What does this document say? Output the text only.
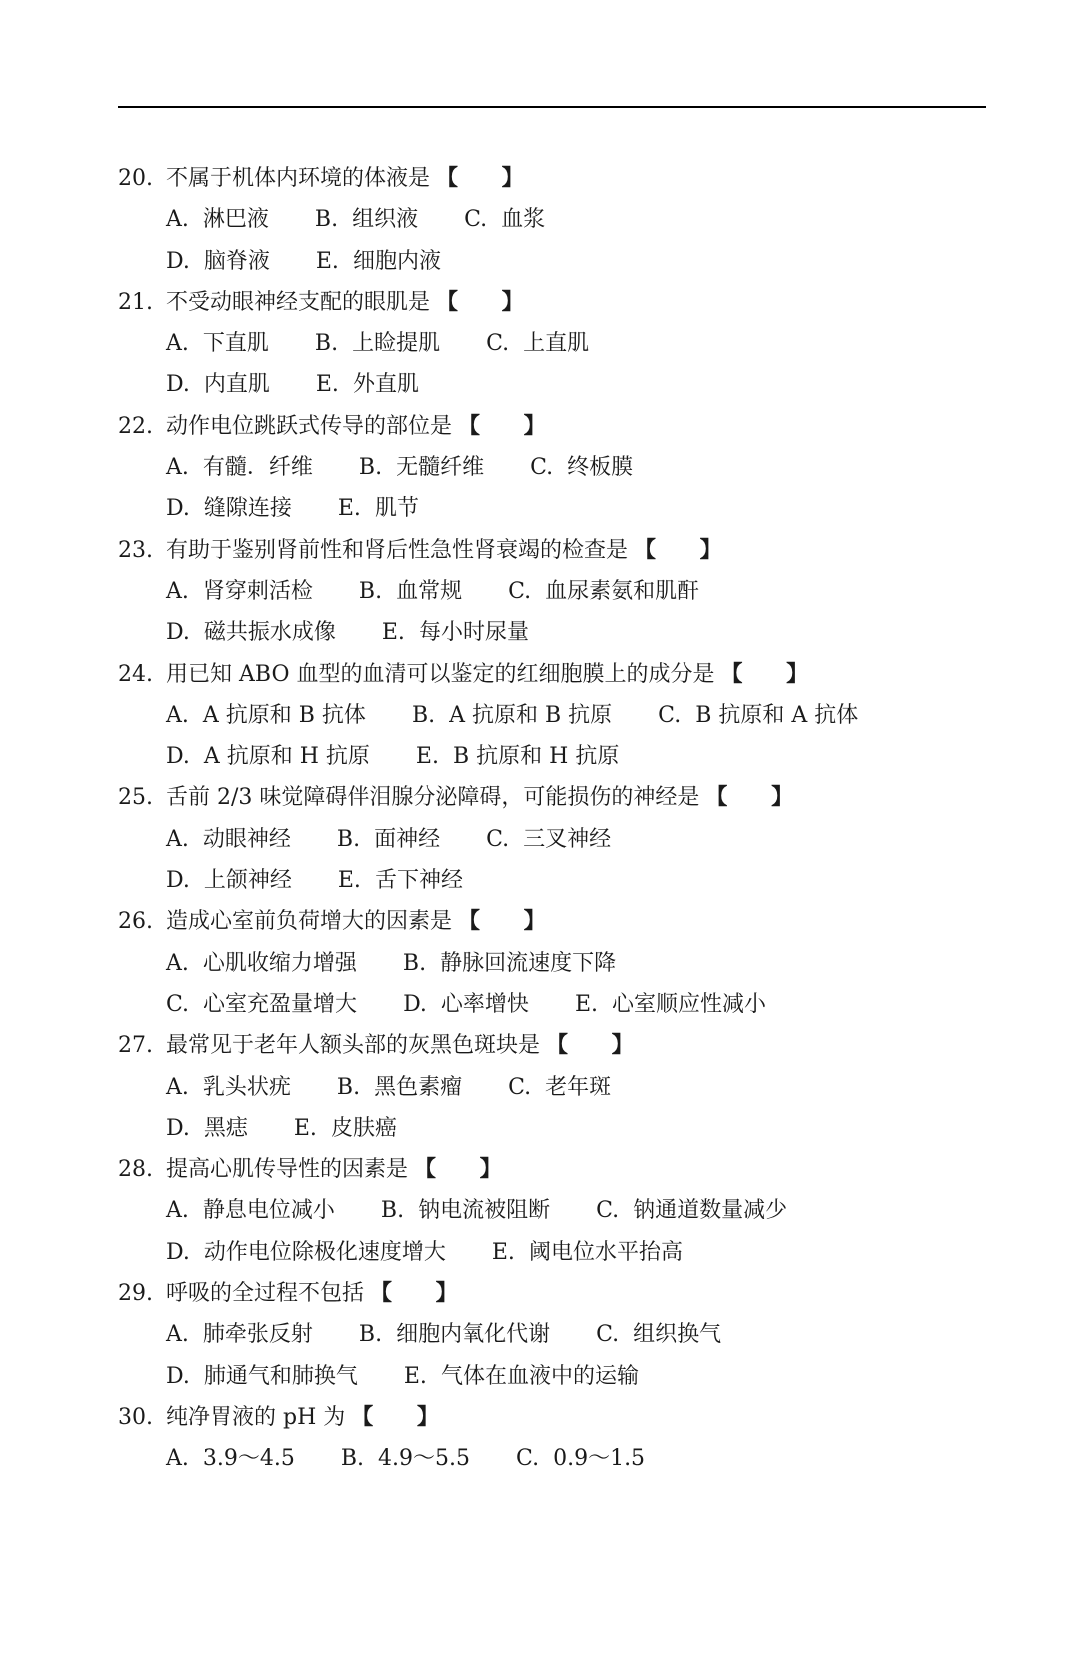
20. 不属于机体内环境的体液是 【 】
A. 淋巴液 B. 组织液 C. 血浆
D. 脑脊液 E. 细胞内液
21. 不受动眼神经支配的眼肌是 【 】
A. 下直肌 B. 上睑提肌 C. 上直肌
D. 内直肌 E. 外直肌
22. 动作电位跳跃式传导的部位是 【 】
A. 有髓．纤维 B. 无髓纤维 C. 终板膜
D. 缝隙连接 E. 肌节
23. 有助于鉴别肾前性和肾后性急性肾衰竭的检查是 【 】
A. 肾穿刺活检 B. 血常规 C. 血尿素氨和肌酐
D. 磁共振水成像 E. 每小时尿量
24. 用已知 ABO 血型的血清可以鉴定的红细胞膜上的成分是 【 】
A. A 抗原和 B 抗体 B. A 抗原和 B 抗原 C. B 抗原和 A 抗体
D. A 抗原和 H 抗原 E. B 抗原和 H 抗原
25. 舌前 2/3 味觉障碍伴泪腺分泌障碍，可能损伤的神经是 【 】
A. 动眼神经 B. 面神经 C. 三叉神经
D. 上颌神经 E. 舌下神经
26. 造成心室前负荷增大的因素是 【 】
A. 心肌收缩力增强 B. 静脉回流速度下降
C. 心室充盈量增大 D. 心率增快 E. 心室顺应性减小
27. 最常见于老年人额头部的灰黑色斑块是 【 】
A. 乳头状疣 B. 黑色素瘤 C. 老年斑
D. 黑痣 E. 皮肤癌
28. 提高心肌传导性的因素是 【 】
A. 静息电位减小 B. 钠电流被阻断 C. 钠通道数量减少
D. 动作电位除极化速度增大 E. 阈电位水平抬高
29. 呼吸的全过程不包括 【 】
A. 肺牵张反射 B. 细胞内氧化代谢 C. 组织换气
D. 肺通气和肺换气 E. 气体在血液中的运输
30. 纯净胃液的 pH 为 【 】
A. 3.9～4.5 B. 4.9～5.5 C. 0.9～1.5
